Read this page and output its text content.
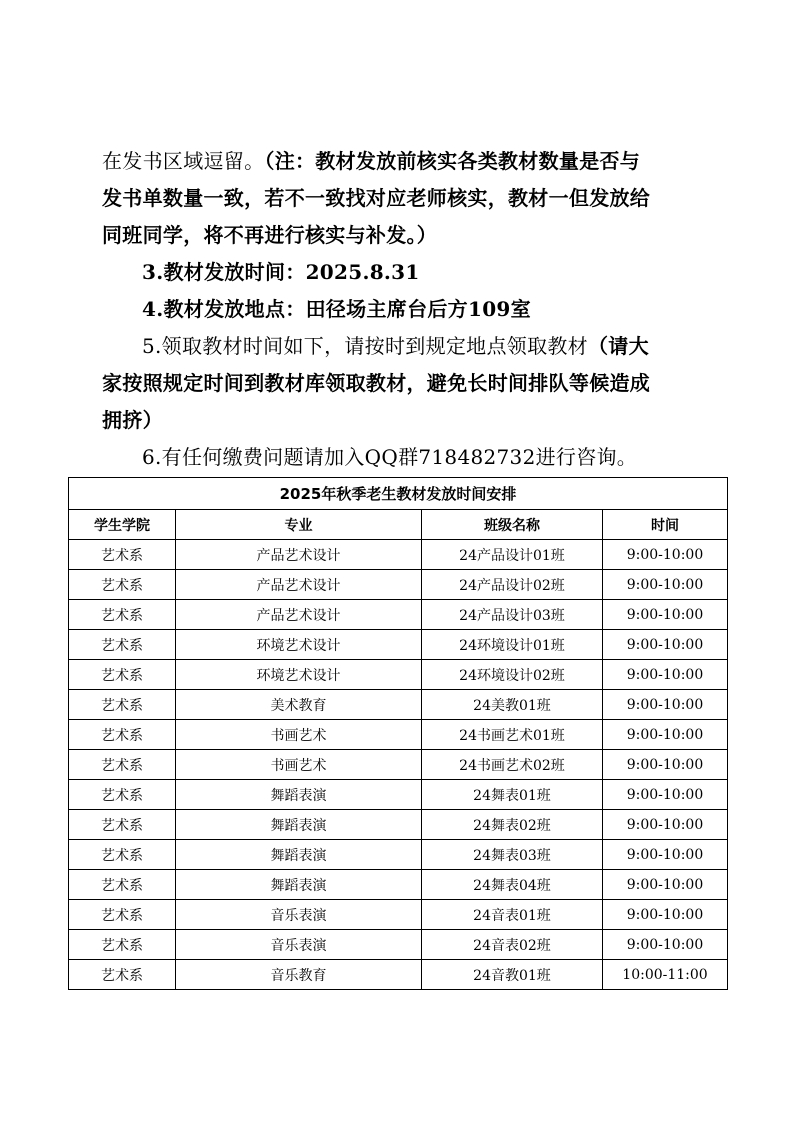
在发书区域逗留。（注：教材发放前核实各类教材数量是否与
发书单数量一致，若不一致找对应老师核实，教材一但发放给
同班同学，将不再进行核实与补发。）
3.教材发放时间：2025.8.31
4.教材发放地点：田径场主席台后方109室
5.领取教材时间如下，请按时到规定地点领取教材（请大
家按照规定时间到教材库领取教材，避免长时间排队等候造成
拥挤）
6.有任何缴费问题请加入QQ群718482732进行咨询。
2025年秋季老生教材发放时间安排			
学生学院	专业	班级名称	时间
艺术系	产品艺术设计	24产品设计01班	9:00-10:00
艺术系	产品艺术设计	24产品设计02班	9:00-10:00
艺术系	产品艺术设计	24产品设计03班	9:00-10:00
艺术系	环境艺术设计	24环境设计01班	9:00-10:00
艺术系	环境艺术设计	24环境设计02班	9:00-10:00
艺术系	美术教育	24美教01班	9:00-10:00
艺术系	书画艺术	24书画艺术01班	9:00-10:00
艺术系	书画艺术	24书画艺术02班	9:00-10:00
艺术系	舞蹈表演	24舞表01班	9:00-10:00
艺术系	舞蹈表演	24舞表02班	9:00-10:00
艺术系	舞蹈表演	24舞表03班	9:00-10:00
艺术系	舞蹈表演	24舞表04班	9:00-10:00
艺术系	音乐表演	24音表01班	9:00-10:00
艺术系	音乐表演	24音表02班	9:00-10:00
艺术系	音乐教育	24音教01班	10:00-11:00
